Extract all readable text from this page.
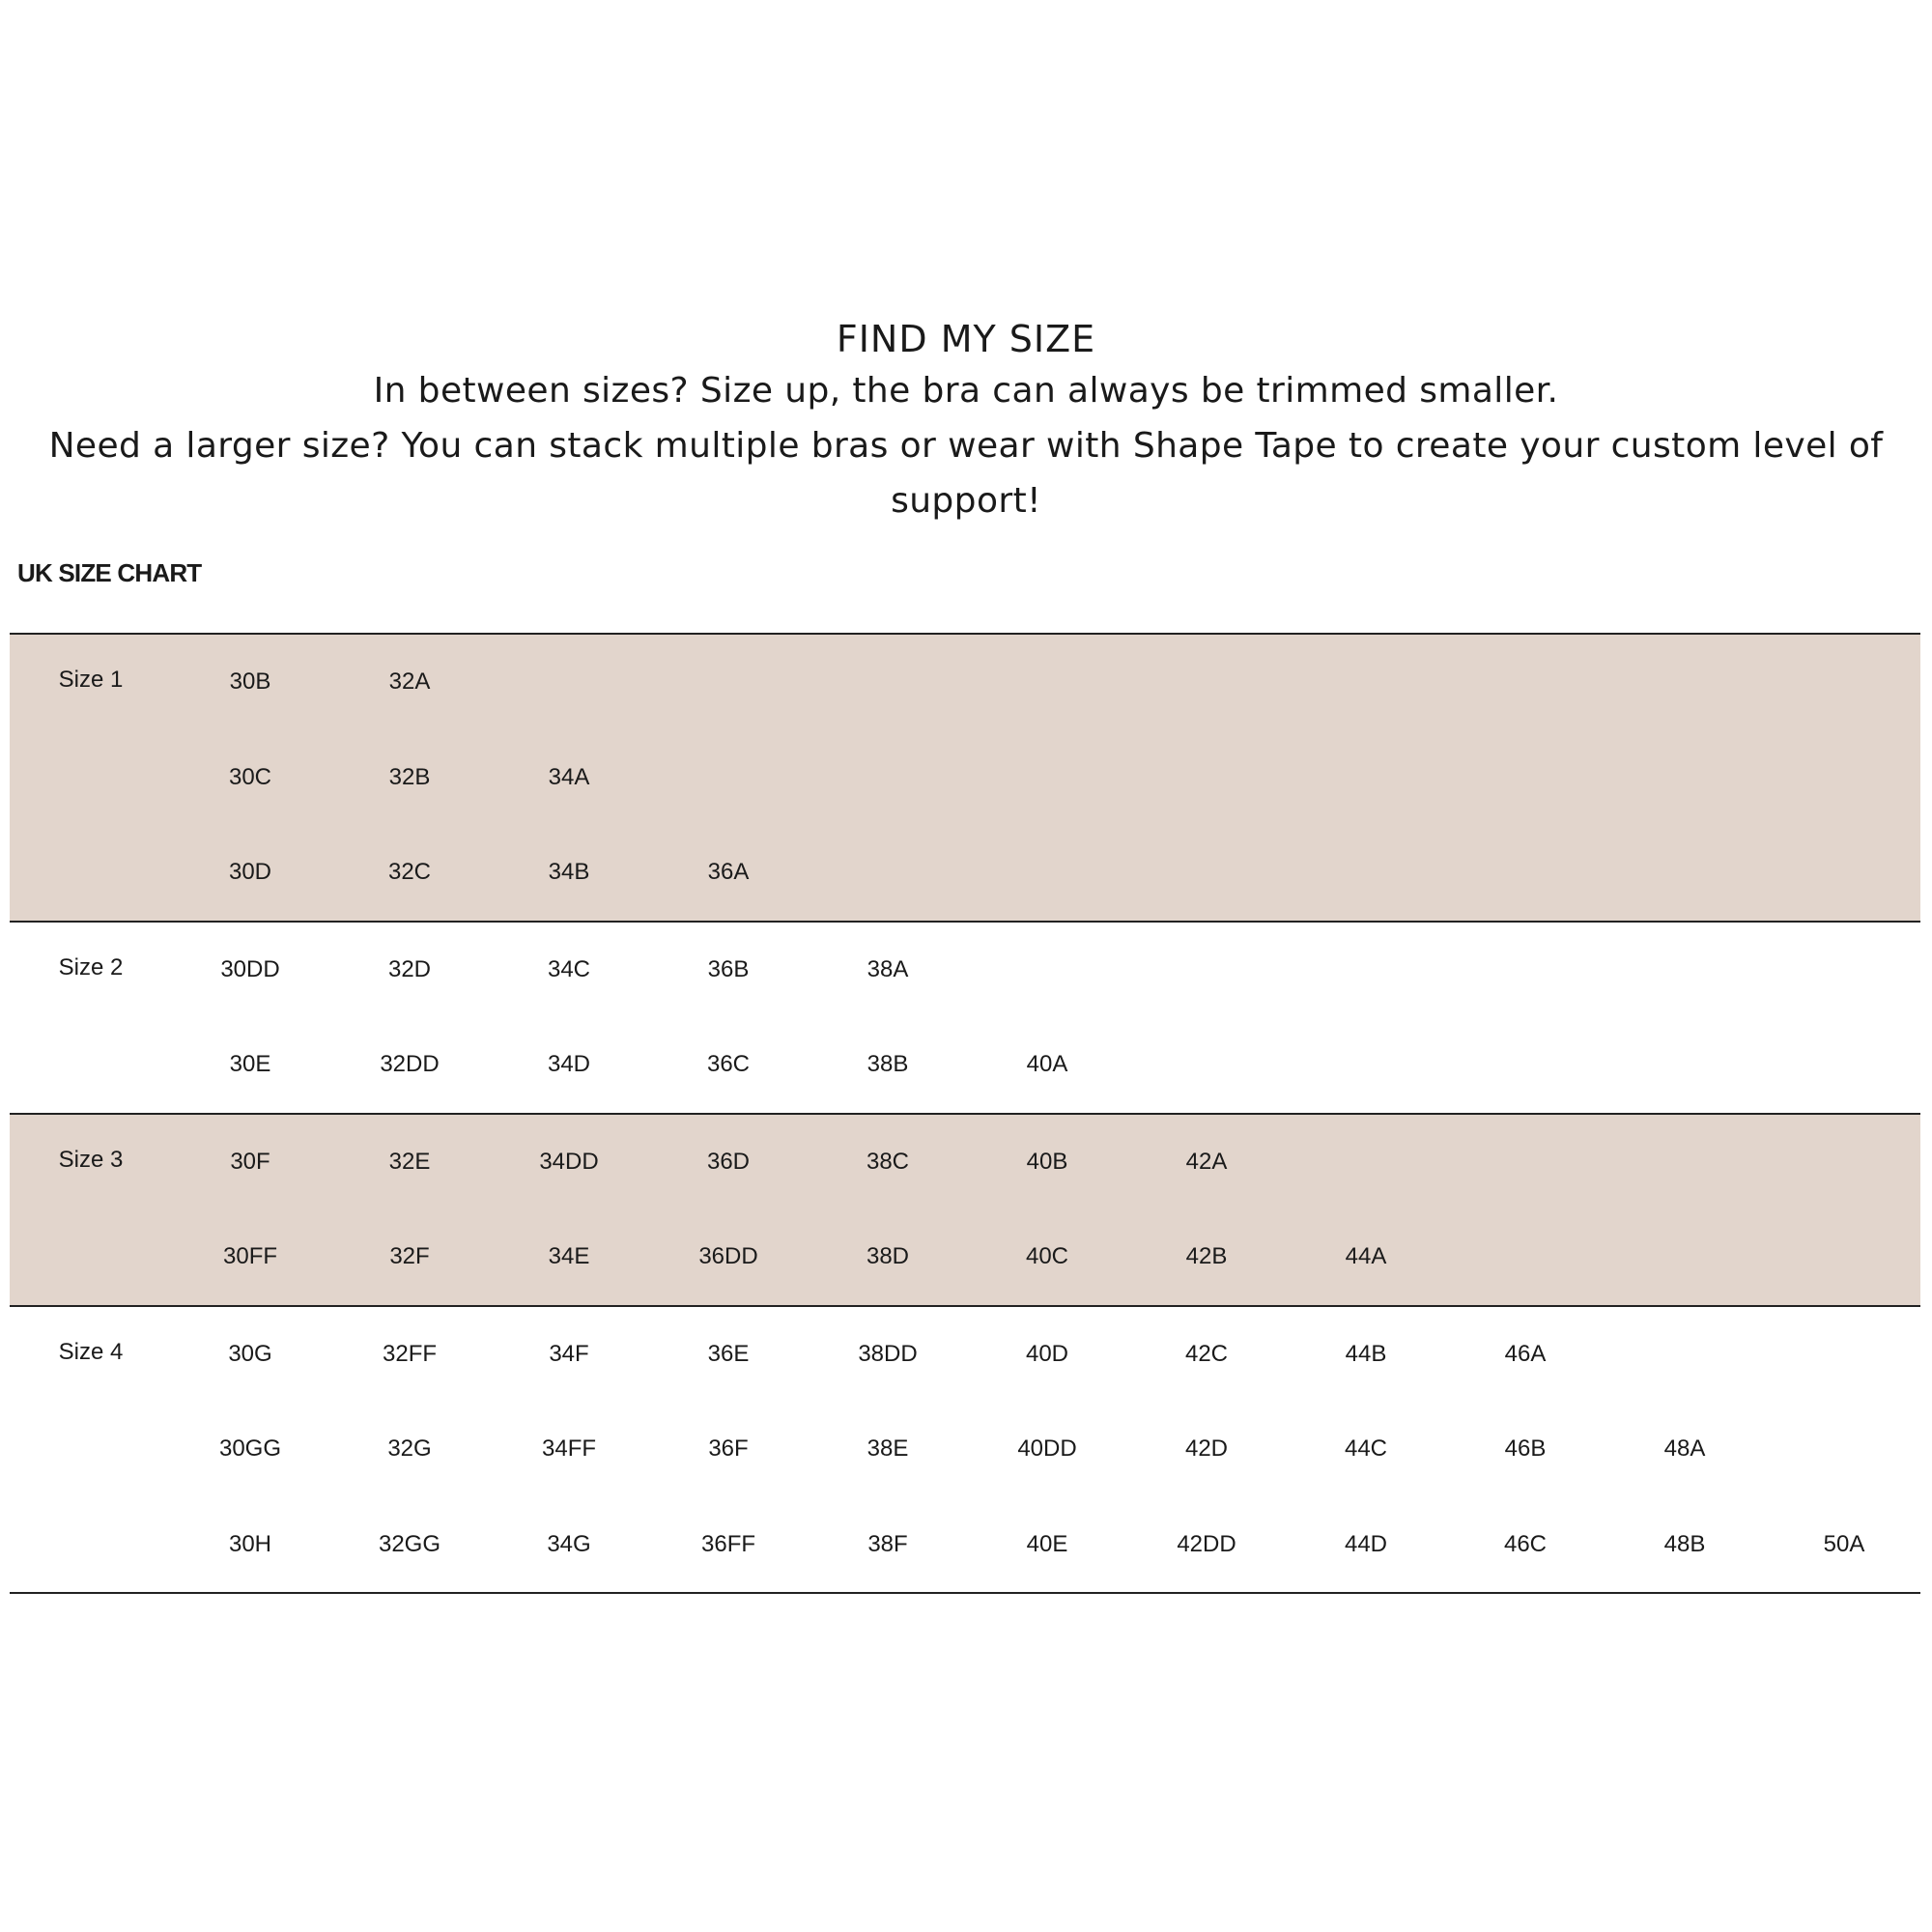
FIND MY SIZE

In between sizes? Size up, the bra can always be trimmed smaller.

Need a larger size? You can stack multiple bras or wear with Shape Tape to create your custom level of support!

UK SIZE CHART
Size 1	30B	32A
30C	32B	34A
30D	32C	34B	36A
Size 2	30DD	32D	34C	36B	38A
30E	32DD	34D	36C	38B	40A
Size 3	30F	32E	34DD	36D	38C	40B	42A
30FF	32F	34E	36DD	38D	40C	42B	44A
Size 4	30G	32FF	34F	36E	38DD	40D	42C	44B	46A
30GG	32G	34FF	36F	38E	40DD	42D	44C	46B	48A
30H	32GG	34G	36FF	38F	40E	42DD	44D	46C	48B	50A
